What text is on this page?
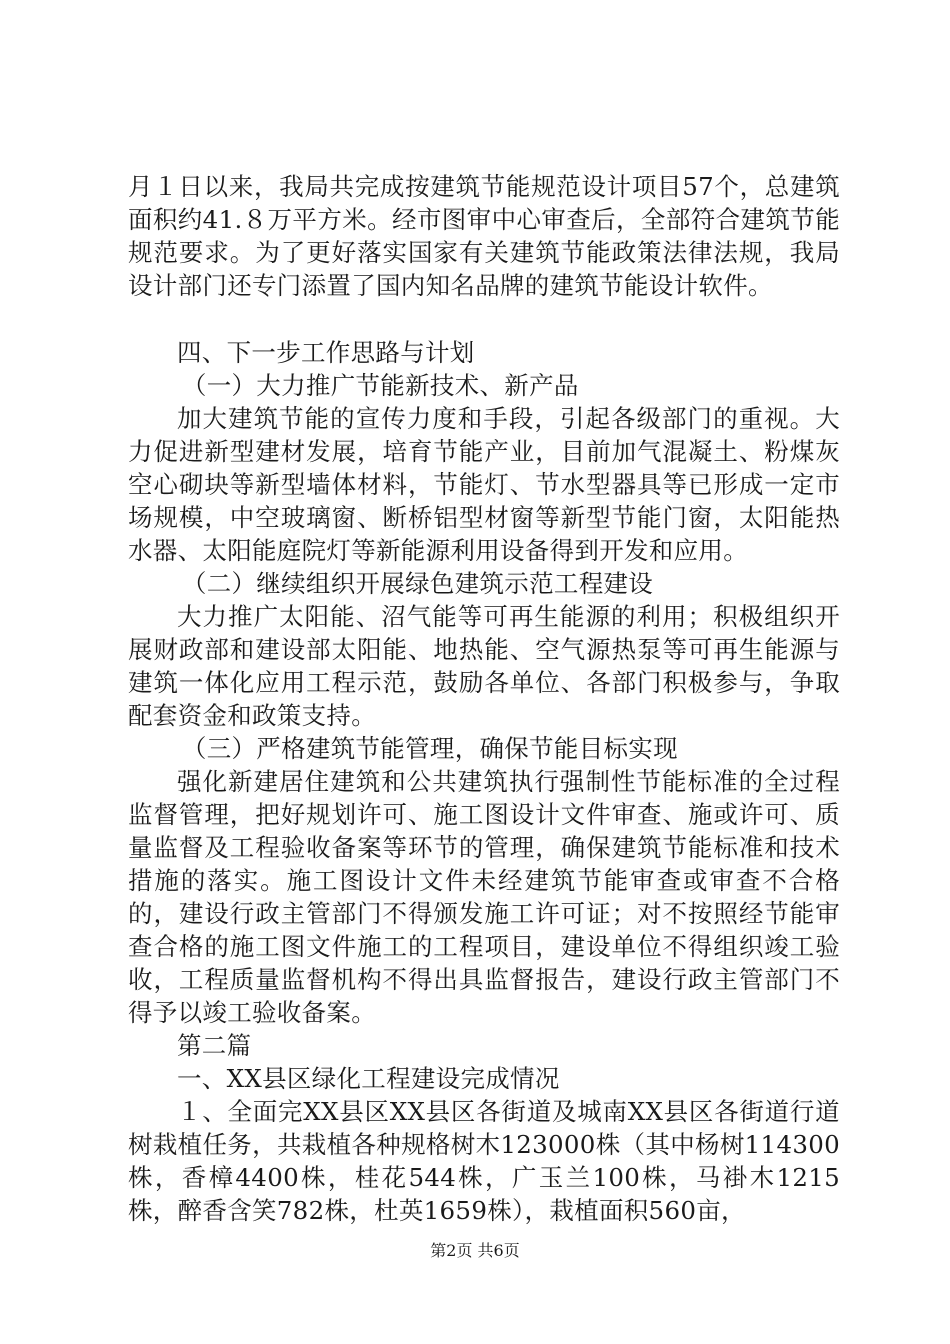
月１日以来，我局共完成按建筑节能规范设计项目57个，总建筑面积约41.８万平方米。经市图审中心审查后，全部符合建筑节能规范要求。为了更好落实国家有关建筑节能政策法律法规，我局设计部门还专门添置了国内知名品牌的建筑节能设计软件。

四、下一步工作思路与计划

（一）大力推广节能新技术、新产品

加大建筑节能的宣传力度和手段，引起各级部门的重视。大力促进新型建材发展，培育节能产业，目前加气混凝土、粉煤灰空心砌块等新型墙体材料，节能灯、节水型器具等已形成一定市场规模，中空玻璃窗、断桥铝型材窗等新型节能门窗，太阳能热水器、太阳能庭院灯等新能源利用设备得到开发和应用。

（二）继续组织开展绿色建筑示范工程建设

大力推广太阳能、沼气能等可再生能源的利用；积极组织开展财政部和建设部太阳能、地热能、空气源热泵等可再生能源与建筑一体化应用工程示范，鼓励各单位、各部门积极参与，争取配套资金和政策支持。

（三）严格建筑节能管理，确保节能目标实现

强化新建居住建筑和公共建筑执行强制性节能标准的全过程监督管理，把好规划许可、施工图设计文件审查、施或许可、质量监督及工程验收备案等环节的管理，确保建筑节能标准和技术措施的落实。施工图设计文件未经建筑节能审查或审查不合格的，建设行政主管部门不得颁发施工许可证；对不按照经节能审查合格的施工图文件施工的工程项目，建设单位不得组织竣工验收，工程质量监督机构不得出具监督报告，建设行政主管部门不得予以竣工验收备案。

第二篇

一、XX县区绿化工程建设完成情况

１、全面完XX县区XX县区各街道及城南XX县区各街道行道树栽植任务，共栽植各种规格树木123000株（其中杨树114300株，香樟4400株，桂花544株，广玉兰100株，马褂木1215株，醉香含笑782株，杜英1659株），栽植面积560亩，

第2页 共6页
